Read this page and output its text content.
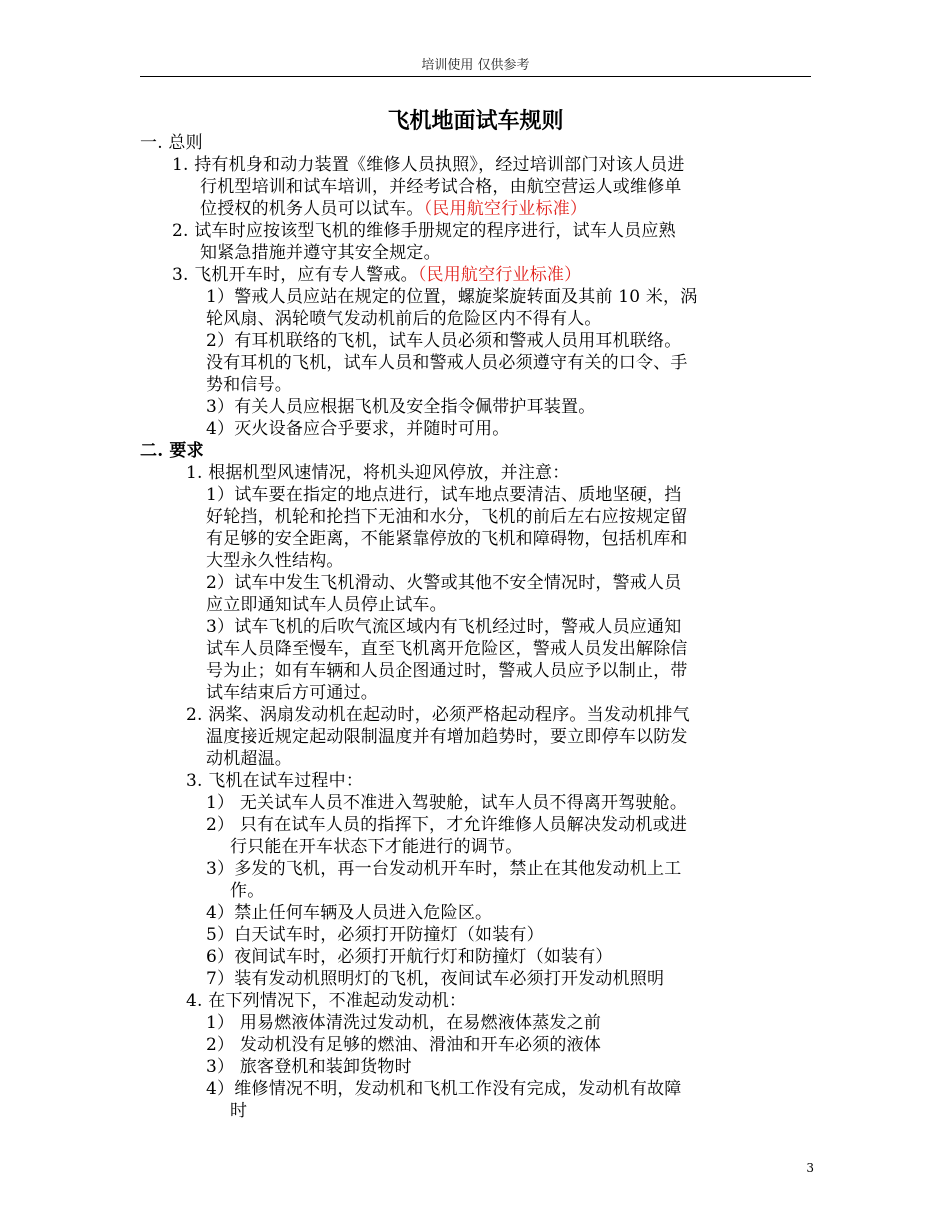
培训使用 仅供参考
飞机地面试车规则
一. 总则
1. 持有机身和动力装置《维修人员执照》，经过培训部门对该人员进
行机型培训和试车培训，并经考试合格，由航空营运人或维修单
位授权的机务人员可以试车。（民用航空行业标准）
2. 试车时应按该型飞机的维修手册规定的程序进行，试车人员应熟
知紧急措施并遵守其安全规定。
3. 飞机开车时，应有专人警戒。（民用航空行业标准）
1）警戒人员应站在规定的位置，螺旋桨旋转面及其前 10 米，涡
轮风扇、涡轮喷气发动机前后的危险区内不得有人。
2）有耳机联络的飞机，试车人员必须和警戒人员用耳机联络。
没有耳机的飞机，试车人员和警戒人员必须遵守有关的口令、手
势和信号。
3）有关人员应根据飞机及安全指令佩带护耳装置。
4）灭火设备应合乎要求，并随时可用。
二. 要求
1. 根据机型风速情况，将机头迎风停放，并注意：
1）试车要在指定的地点进行，试车地点要清洁、质地坚硬，挡
好轮挡，机轮和抡挡下无油和水分，飞机的前后左右应按规定留
有足够的安全距离，不能紧靠停放的飞机和障碍物，包括机库和
大型永久性结构。
2）试车中发生飞机滑动、火警或其他不安全情况时，警戒人员
应立即通知试车人员停止试车。
3）试车飞机的后吹气流区域内有飞机经过时，警戒人员应通知
试车人员降至慢车，直至飞机离开危险区，警戒人员发出解除信
号为止；如有车辆和人员企图通过时，警戒人员应予以制止，带
试车结束后方可通过。
2. 涡桨、涡扇发动机在起动时，必须严格起动程序。当发动机排气
温度接近规定起动限制温度并有增加趋势时，要立即停车以防发
动机超温。
3. 飞机在试车过程中：
1） 无关试车人员不准进入驾驶舱，试车人员不得离开驾驶舱。
2） 只有在试车人员的指挥下，才允许维修人员解决发动机或进
行只能在开车状态下才能进行的调节。
3）多发的飞机，再一台发动机开车时，禁止在其他发动机上工
作。
4）禁止任何车辆及人员进入危险区。
5）白天试车时，必须打开防撞灯（如装有）
6）夜间试车时，必须打开航行灯和防撞灯（如装有）
7）装有发动机照明灯的飞机，夜间试车必须打开发动机照明
4. 在下列情况下，不准起动发动机：
1） 用易燃液体清洗过发动机，在易燃液体蒸发之前
2） 发动机没有足够的燃油、滑油和开车必须的液体
3） 旅客登机和装卸货物时
4）维修情况不明，发动机和飞机工作没有完成，发动机有故障
时
3
